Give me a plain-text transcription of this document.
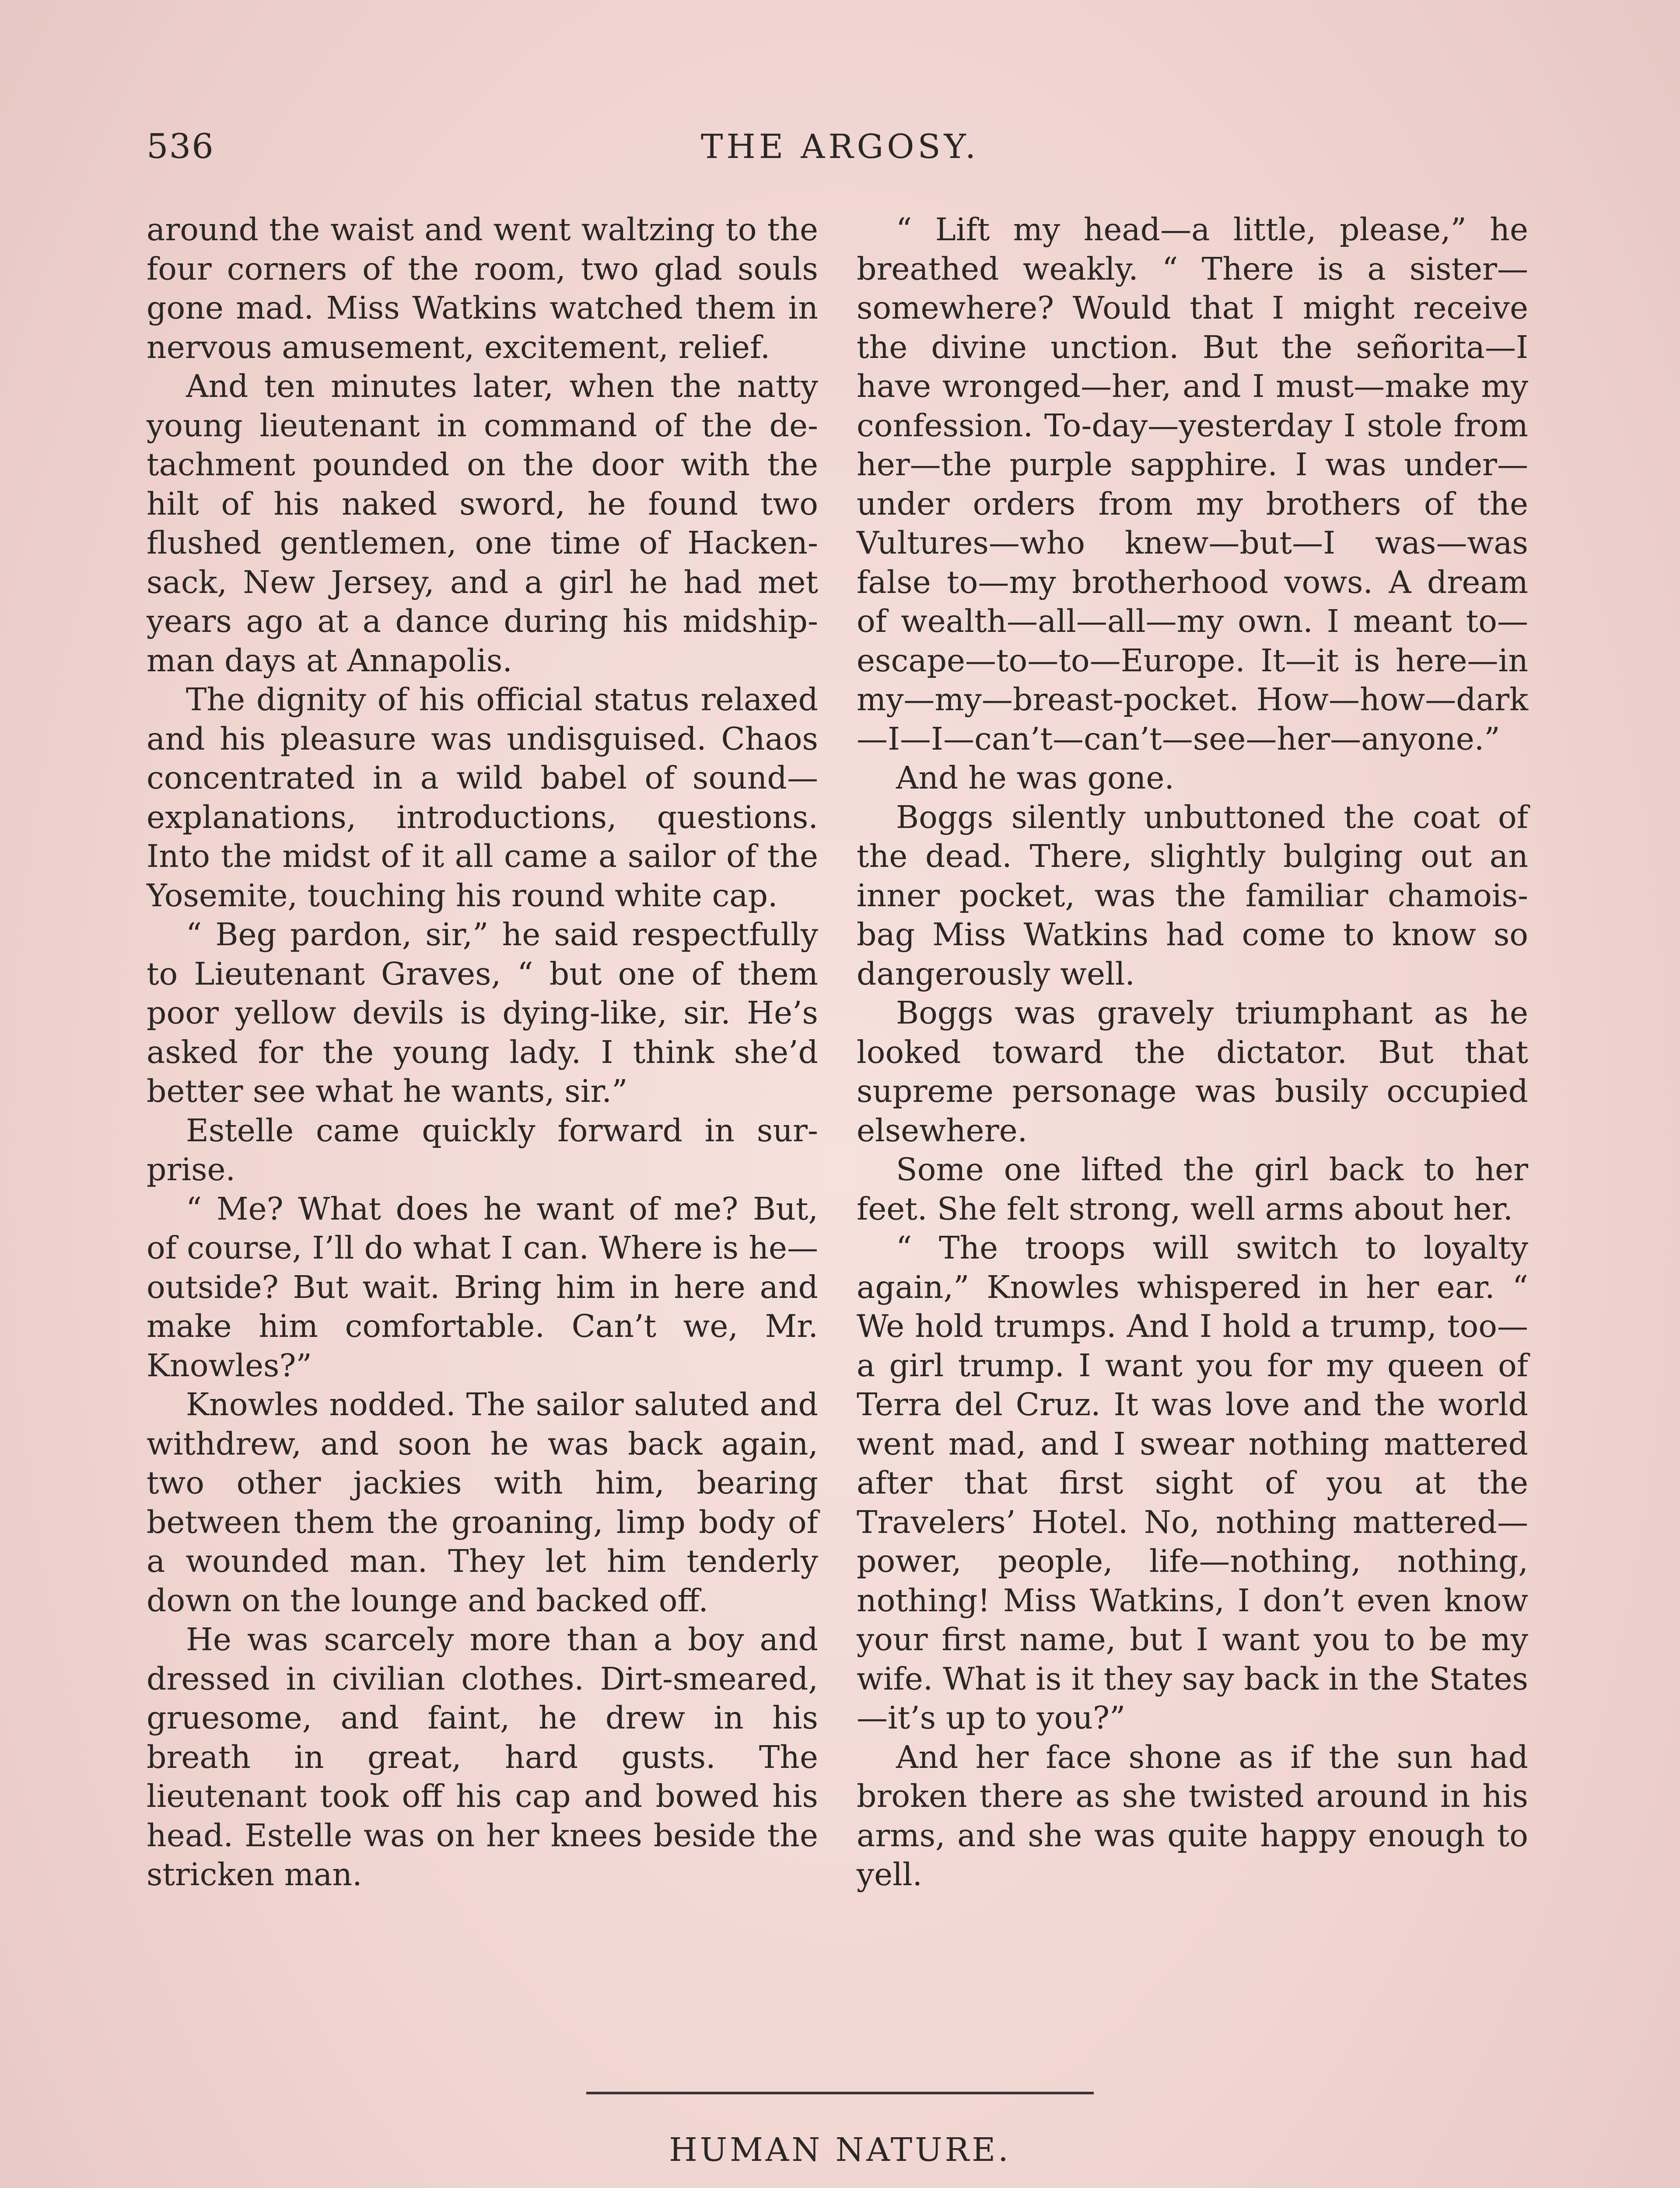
536	THE ARGOSY.

around the waist and went waltzing to the four corners of the room, two glad souls gone mad. Miss Watkins watched them in nervous amusement, excitement, relief.

And ten minutes later, when the natty young lieutenant in command of the detachment pounded on the door with the hilt of his naked sword, he found two flushed gentlemen, one time of Hackensack, New Jersey, and a girl he had met years ago at a dance during his midshipman days at Annapolis.

The dignity of his official status relaxed and his pleasure was undisguised. Chaos concentrated in a wild babel of sound—explanations, introductions, questions. Into the midst of it all came a sailor of the Yosemite, touching his round white cap.

“ Beg pardon, sir,” he said respectfully to Lieutenant Graves, “ but one of them poor yellow devils is dying-like, sir. He’s asked for the young lady. I think she’d better see what he wants, sir.”

Estelle came quickly forward in surprise.

“ Me? What does he want of me? But, of course, I’ll do what I can. Where is he—outside? But wait. Bring him in here and make him comfortable. Can’t we, Mr. Knowles?”

Knowles nodded. The sailor saluted and withdrew, and soon he was back again, two other jackies with him, bearing between them the groaning, limp body of a wounded man. They let him tenderly down on the lounge and backed off.

He was scarcely more than a boy and dressed in civilian clothes. Dirt-smeared, gruesome, and faint, he drew in his breath in great, hard gusts. The lieutenant took off his cap and bowed his head. Estelle was on her knees beside the stricken man.

“ Lift my head—a little, please,” he breathed weakly. “ There is a sister—somewhere? Would that I might receive the divine unction. But the señorita—I have wronged—her, and I must—make my confession. To-day—yesterday I stole from her—the purple sapphire. I was under—under orders from my brothers of the Vultures—who knew—but—I was—was false to—my brotherhood vows. A dream of wealth—all—all—my own. I meant to—escape—to—to—Europe. It—it is here—in my—my—breast-pocket. How—how—dark—I—I—can’t—can’t—see—her—anyone.”

And he was gone.

Boggs silently unbuttoned the coat of the dead. There, slightly bulging out an inner pocket, was the familiar chamois-bag Miss Watkins had come to know so dangerously well.

Boggs was gravely triumphant as he looked toward the dictator. But that supreme personage was busily occupied elsewhere.

Some one lifted the girl back to her feet. She felt strong, well arms about her.

“ The troops will switch to loyalty again,” Knowles whispered in her ear. “ We hold trumps. And I hold a trump, too—a girl trump. I want you for my queen of Terra del Cruz. It was love and the world went mad, and I swear nothing mattered after that first sight of you at the Travelers’ Hotel. No, nothing mattered—power, people, life—nothing, nothing, nothing! Miss Watkins, I don’t even know your first name, but I want you to be my wife. What is it they say back in the States—it’s up to you?”

And her face shone as if the sun had broken there as she twisted around in his arms, and she was quite happy enough to yell.

HUMAN NATURE.
